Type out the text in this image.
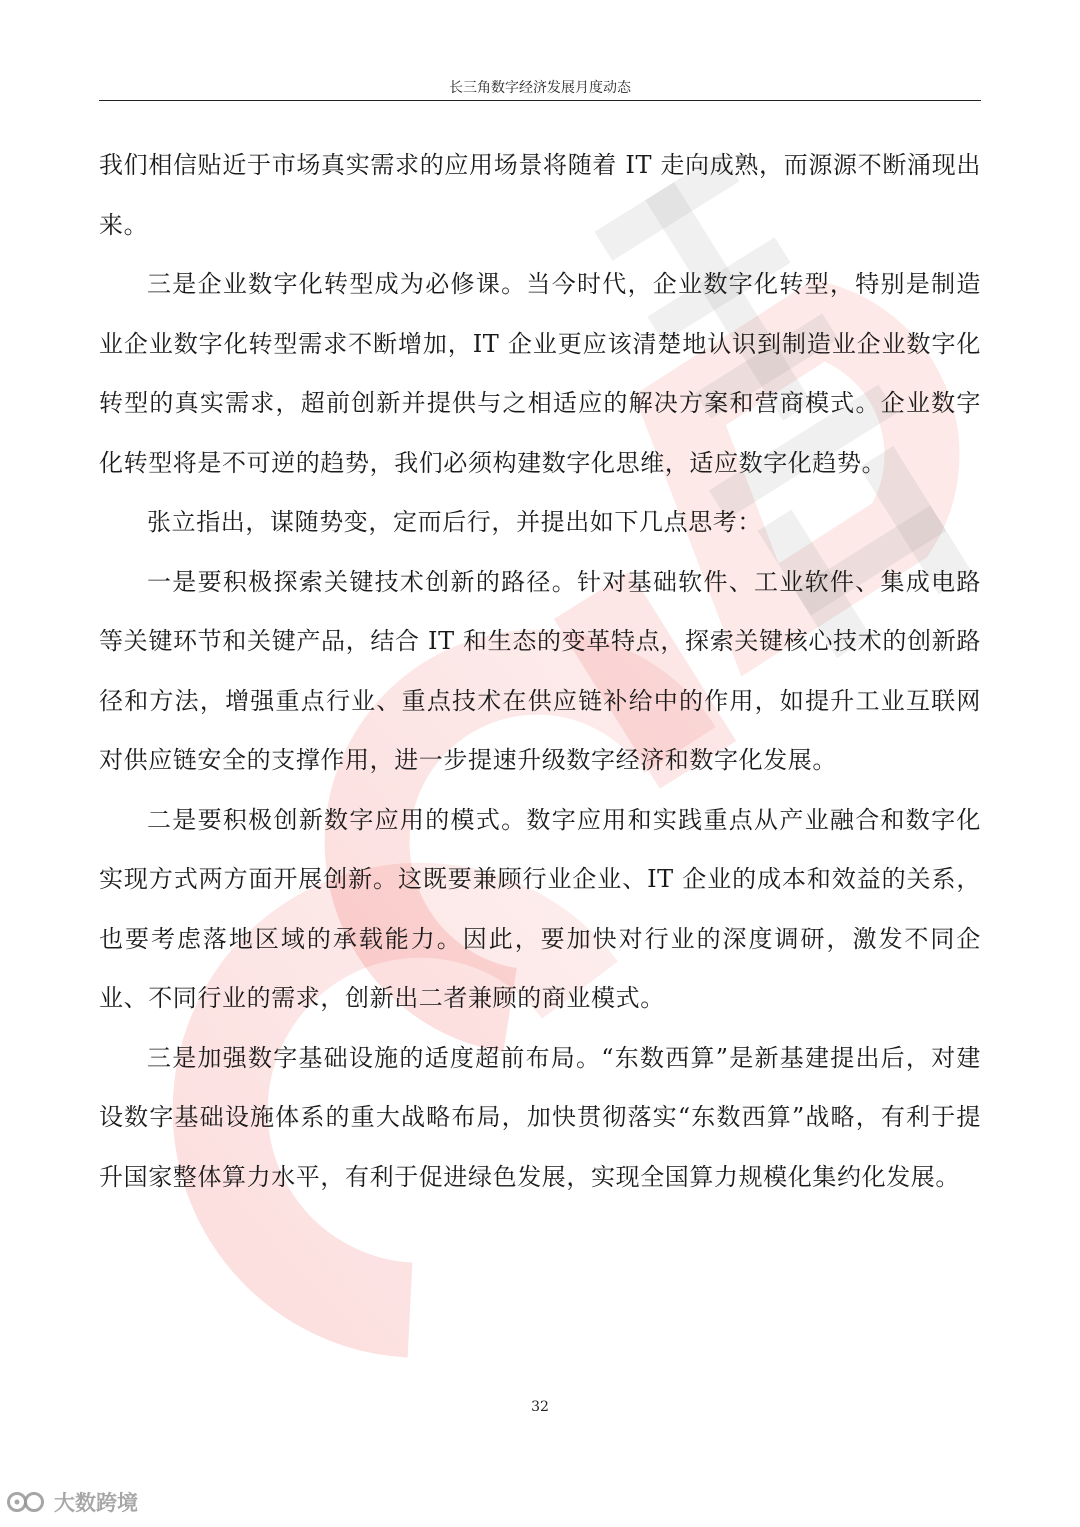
长三角数字经济发展月度动态

我们相信贴近于市场真实需求的应用场景将随着 IT 走向成熟，而源源不断涌现出来。

三是企业数字化转型成为必修课。当今时代，企业数字化转型，特别是制造业企业数字化转型需求不断增加，IT 企业更应该清楚地认识到制造业企业数字化转型的真实需求，超前创新并提供与之相适应的解决方案和营商模式。企业数字化转型将是不可逆的趋势，我们必须构建数字化思维，适应数字化趋势。

张立指出，谋随势变，定而后行，并提出如下几点思考：

一是要积极探索关键技术创新的路径。针对基础软件、工业软件、集成电路等关键环节和关键产品，结合 IT 和生态的变革特点，探索关键核心技术的创新路径和方法，增强重点行业、重点技术在供应链补给中的作用，如提升工业互联网对供应链安全的支撑作用，进一步提速升级数字经济和数字化发展。

二是要积极创新数字应用的模式。数字应用和实践重点从产业融合和数字化实现方式两方面开展创新。这既要兼顾行业企业、IT 企业的成本和效益的关系，也要考虑落地区域的承载能力。因此，要加快对行业的深度调研，激发不同企业、不同行业的需求，创新出二者兼顾的商业模式。

三是加强数字基础设施的适度超前布局。“东数西算”是新基建提出后，对建设数字基础设施体系的重大战略布局，加快贯彻落实“东数西算”战略，有利于提升国家整体算力水平，有利于促进绿色发展，实现全国算力规模化集约化发展。

32
大数跨境
